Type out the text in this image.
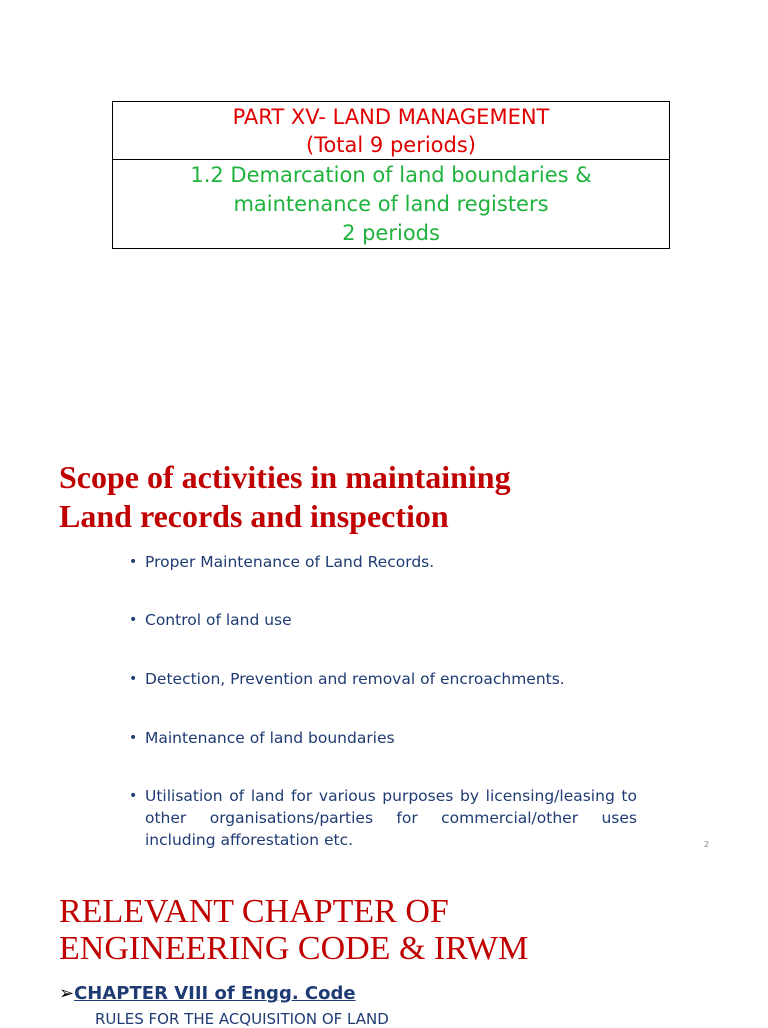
PART XV- LAND MANAGEMENT
(Total 9 periods)
1.2 Demarcation of land boundaries &
maintenance of land registers
2 periods
Scope of activities in maintaining
Land records and inspection
• Proper Maintenance of Land Records.
• Control of land use
• Detection, Prevention and removal of encroachments.
• Maintenance of land boundaries
• Utilisation of land for various purposes by licensing/leasing to other organisations/parties for commercial/other uses including afforestation etc.	2
RELEVANT CHAPTER OF
ENGINEERING CODE & IRWM
➢CHAPTER VIII of Engg. Code
RULES FOR THE ACQUISITION OF LAND
